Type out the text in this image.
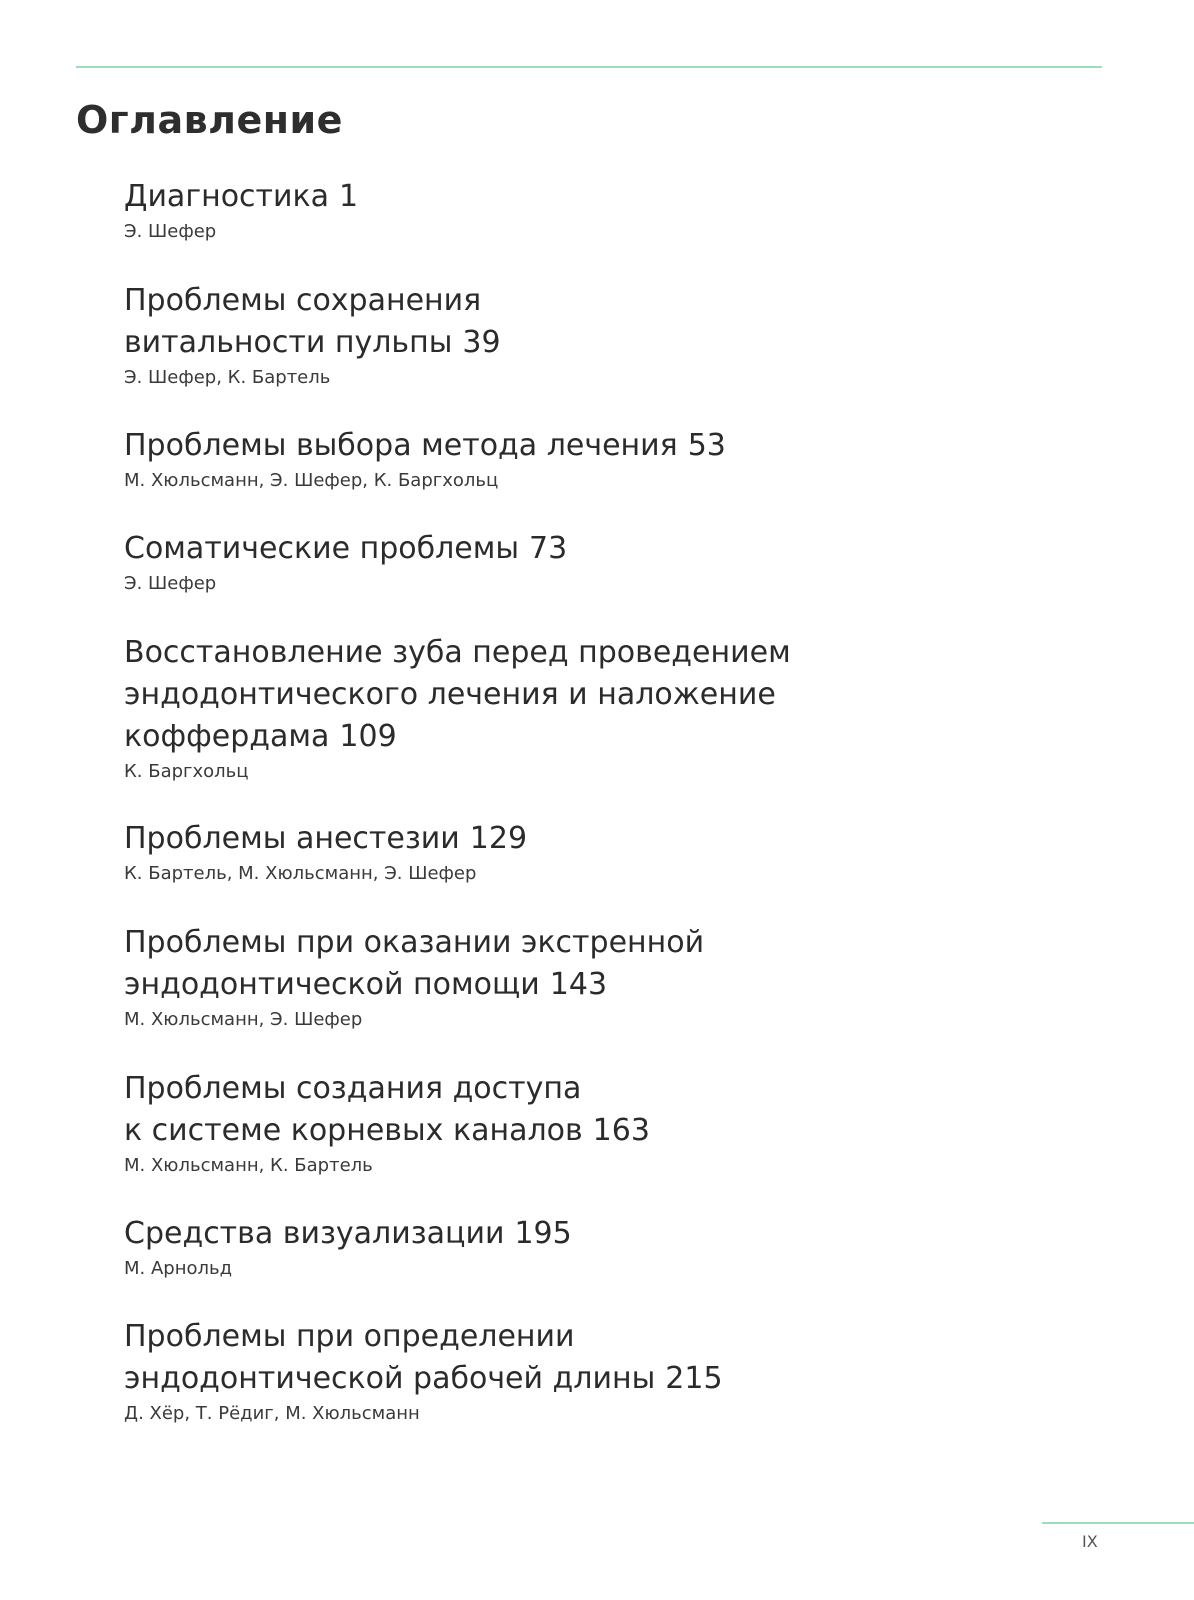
Оглавление
Диагностика 1
Э. Шефер
Проблемы сохранения
витальности пульпы 39
Э. Шефер, К. Бартель
Проблемы выбора метода лечения 53
М. Хюльсманн, Э. Шефер, К. Баргхольц
Соматические проблемы 73
Э. Шефер
Восстановление зуба перед проведением
эндодонтического лечения и наложение
коффердама 109
К. Баргхольц
Проблемы анестезии 129
К. Бартель, М. Хюльсманн, Э. Шефер
Проблемы при оказании экстренной
эндодонтической помощи 143
М. Хюльсманн, Э. Шефер
Проблемы создания доступа
к системе корневых каналов 163
М. Хюльсманн, К. Бартель
Средства визуализации 195
М. Арнольд
Проблемы при определении
эндодонтической рабочей длины 215
Д. Хёр, Т. Рёдиг, М. Хюльсманн
IX
